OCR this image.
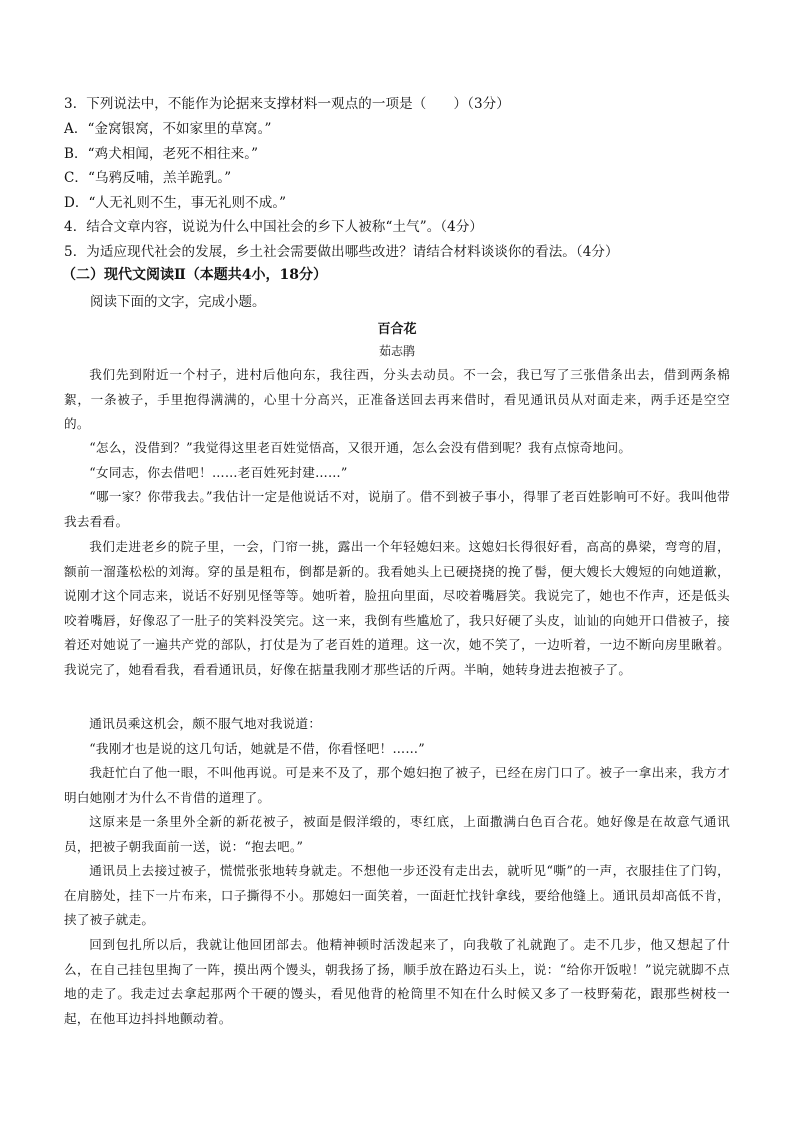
3．下列说法中，不能作为论据来支撑材料一观点的一项是（　　）（3分）
A．“金窝银窝，不如家里的草窝。”
B．“鸡犬相闻，老死不相往来。”
C．“乌鸦反哺，羔羊跪乳。”
D．“人无礼则不生，事无礼则不成。”
4．结合文章内容，说说为什么中国社会的乡下人被称“土气”。（4分）
5．为适应现代社会的发展，乡土社会需要做出哪些改进？请结合材料谈谈你的看法。（4分）
（二）现代文阅读Ⅱ（本题共4小，18分）
阅读下面的文字，完成小题。
百合花
茹志鹃

我们先到附近一个村子，进村后他向东，我往西，分头去动员。不一会，我已写了三张借条出去，借到两条棉絮，一条被子，手里抱得满满的，心里十分高兴，正准备送回去再来借时，看见通讯员从对面走来，两手还是空空的。

“怎么，没借到？”我觉得这里老百姓觉悟高，又很开通，怎么会没有借到呢？我有点惊奇地问。

“女同志，你去借吧！……老百姓死封建……”

“哪一家？你带我去。”我估计一定是他说话不对，说崩了。借不到被子事小，得罪了老百姓影响可不好。我叫他带我去看看。

我们走进老乡的院子里，一会，门帘一挑，露出一个年轻媳妇来。这媳妇长得很好看，高高的鼻梁，弯弯的眉，额前一溜蓬松松的刘海。穿的虽是粗布，倒都是新的。我看她头上已硬挠挠的挽了髻，便大嫂长大嫂短的向她道歉，说刚才这个同志来，说话不好别见怪等等。她听着，脸扭向里面，尽咬着嘴唇笑。我说完了，她也不作声，还是低头咬着嘴唇，好像忍了一肚子的笑料没笑完。这一来，我倒有些尴尬了，我只好硬了头皮，讪讪的向她开口借被子，接着还对她说了一遍共产党的部队，打仗是为了老百姓的道理。这一次，她不笑了，一边听着，一边不断向房里瞅着。我说完了，她看看我，看看通讯员，好像在掂量我刚才那些话的斤两。半晌，她转身进去抱被子了。

通讯员乘这机会，颇不服气地对我说道：

“我刚才也是说的这几句话，她就是不借，你看怪吧！……”

我赶忙白了他一眼，不叫他再说。可是来不及了，那个媳妇抱了被子，已经在房门口了。被子一拿出来，我方才明白她刚才为什么不肯借的道理了。

这原来是一条里外全新的新花被子，被面是假洋缎的，枣红底，上面撒满白色百合花。她好像是在故意气通讯员，把被子朝我面前一送，说：“抱去吧。”

通讯员上去接过被子，慌慌张张地转身就走。不想他一步还没有走出去，就听见“嘶”的一声，衣服挂住了门钩，在肩膀处，挂下一片布来，口子撕得不小。那媳妇一面笑着，一面赶忙找针拿线，要给他缝上。通讯员却高低不肯，挟了被子就走。

回到包扎所以后，我就让他回团部去。他精神顿时活泼起来了，向我敬了礼就跑了。走不几步，他又想起了什么，在自己挂包里掏了一阵，摸出两个馒头，朝我扬了扬，顺手放在路边石头上，说：“给你开饭啦！”说完就脚不点地的走了。我走过去拿起那两个干硬的馒头，看见他背的枪筒里不知在什么时候又多了一枝野菊花，跟那些树枝一起，在他耳边抖抖地颤动着。
